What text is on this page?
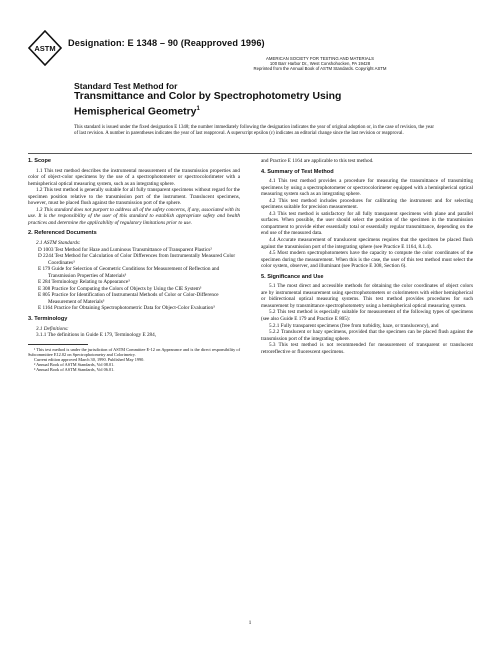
ASTM
Designation: E 1348 – 90 (Reapproved 1996)
AMERICAN SOCIETY FOR TESTING AND MATERIALS
100 Barr Harbor Dr., West Conshohocken, PA 19428
Reprinted from the Annual Book of ASTM Standards. Copyright ASTM
Standard Test Method for
Transmittance and Color by Spectrophotometry Using
Hemispherical Geometry$^1$
This standard is issued under the fixed designation E 1348; the number immediately following the designation indicates the year of original adoption or, in the case of revision, the year of last revision. A number in parentheses indicates the year of last reapproval. A superscript epsilon (ε) indicates an editorial change since the last revision or reapproval.
1. Scope
1.1 This test method describes the instrumental measurement of the transmission properties and color of object-color specimens by the use of a spectrophotometer or spectrocolorimeter with a hemispherical optical measuring system, such as an integrating sphere.
1.2 This test method is generally suitable for all fully transparent specimens without regard for the specimen position relative to the transmission port of the instrument. Translucent specimens, however, must be placed flush against the transmission port of the sphere.
1.3 This standard does not purport to address all of the safety concerns, if any, associated with its use. It is the responsibility of the user of this standard to establish appropriate safety and health practices and determine the applicability of regulatory limitations prior to use.
2. Referenced Documents
2.1 ASTM Standards:
D 1003 Test Method for Haze and Luminous Transmittance of Transparent Plastics²
D 2244 Test Method for Calculation of Color Differences from Instrumentally Measured Color Coordinates³
E 179 Guide for Selection of Geometric Conditions for Measurement of Reflection and Transmission Properties of Materials³
E 284 Terminology Relating to Appearance³
E 308 Practice for Computing the Colors of Objects by Using the CIE System³
E 805 Practice for Identification of Instrumental Methods of Color or Color-Difference Measurement of Materials³
E 1164 Practice for Obtaining Spectrophotometric Data for Object-Color Evaluation³
3. Terminology
3.1 Definitions:
3.1.1 The definitions in Guide E 179, Terminology E 284,
¹ This test method is under the jurisdiction of ASTM Committee E-12 on Appearance and is the direct responsibility of Subcommittee E12.02 on Spectrophotometry and Colorimetry.
Current edition approved March 30, 1990. Published May 1990.
² Annual Book of ASTM Standards, Vol 08.01.
³ Annual Book of ASTM Standards, Vol 06.01.
and Practice E 1164 are applicable to this test method.
4. Summary of Test Method
4.1 This test method provides a procedure for measuring the transmittance of transmitting specimens by using a spectrophotometer or spectrocolorimeter equipped with a hemispherical optical measuring system such as an integrating sphere.
4.2 This test method includes procedures for calibrating the instrument and for selecting specimens suitable for precision measurement.
4.3 This test method is satisfactory for all fully transparent specimens with plane and parallel surfaces. When possible, the user should select the position of the specimen in the transmission compartment to provide either essentially total or essentially regular transmittance, depending on the end use of the measured data.
4.4 Accurate measurement of translucent specimens requires that the specimen be placed flush against the transmission port of the integrating sphere (see Practice E 1164, 8.1.4).
4.5 Most modern spectrophotometers have the capacity to compute the color coordinates of the specimen during the measurement. When this is the case, the user of this test method must select the color system, observer, and illuminant (see Practice E 308, Section 6).
5. Significance and Use
5.1 The most direct and accessible methods for obtaining the color coordinates of object colors are by instrumental measurement using spectrophotometers or colorimeters with either hemispherical or bidirectional optical measuring systems. This test method provides procedures for such measurement by transmittance spectrophotometry using a hemispherical optical measuring system.
5.2 This test method is especially suitable for measurement of the following types of specimens (see also Guide E 179 and Practice E 805):
5.2.1 Fully transparent specimens (free from turbidity, haze, or translucency), and
5.2.2 Translucent or hazy specimens, provided that the specimen can be placed flush against the transmission port of the integrating sphere.
5.3 This test method is not recommended for measurement of transparent or translucent retroreflective or fluorescent specimens.
1
